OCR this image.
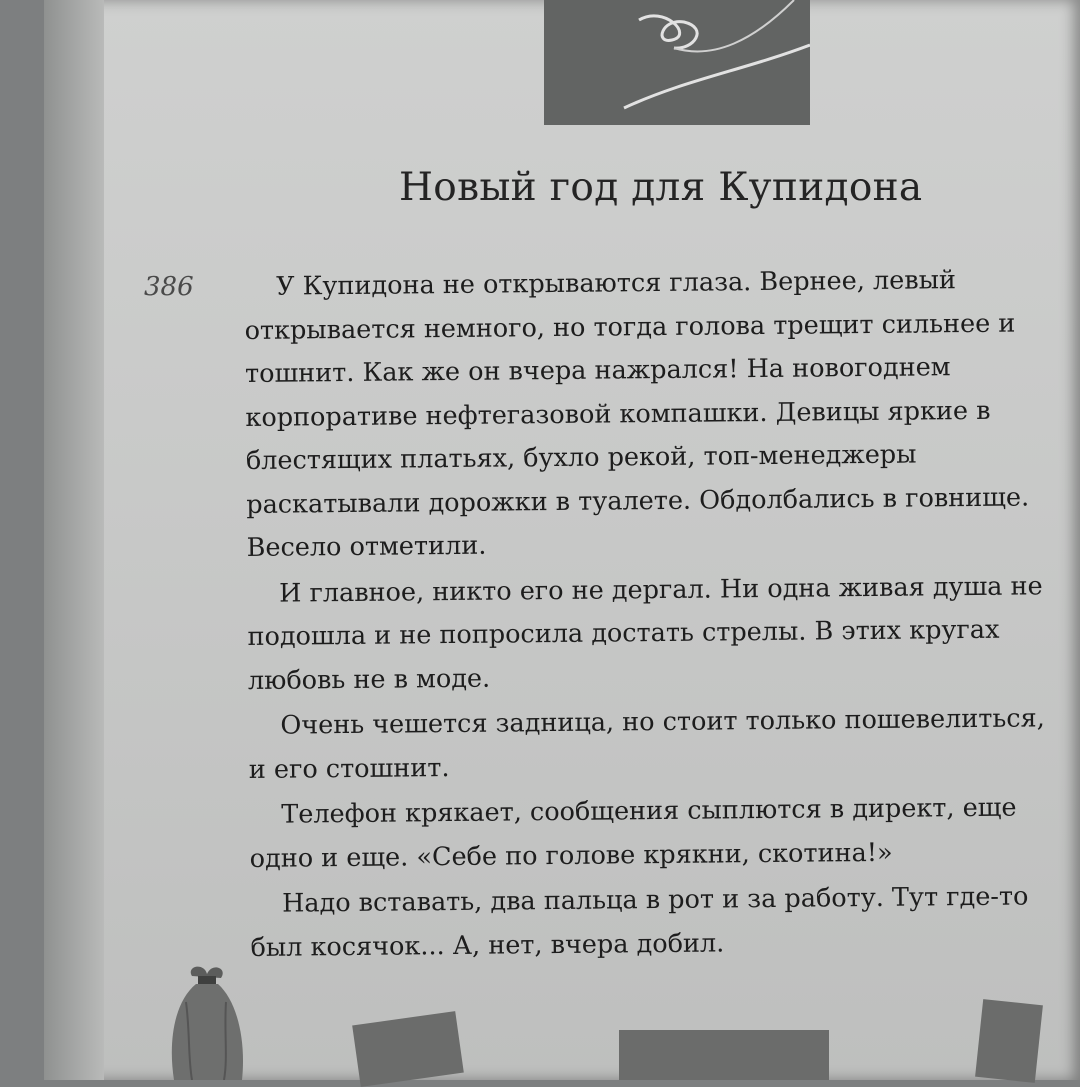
Новый год для Купидона
386	У Купидона не открываются глаза. Вернее, левый открывается немного, но тогда голова трещит сильнее и тошнит. Как же он вчера нажрался! На новогоднем корпоративе нефтегазовой компашки. Девицы яркие в блестящих платьях, бухло рекой, топ-менеджеры раскатывали дорожки в туалете. Обдолбались в говнище. Весело отметили.

И главное, никто его не дергал. Ни одна живая душа не подошла и не попросила достать стрелы. В этих кругах любовь не в моде.

Очень чешется задница, но стоит только пошевелиться, и его стошнит.

Телефон крякает, сообщения сыплются в директ, еще одно и еще. «Себе по голове крякни, скотина!»

Надо вставать, два пальца в рот и за работу. Тут где-то был косячок... А, нет, вчера добил.
